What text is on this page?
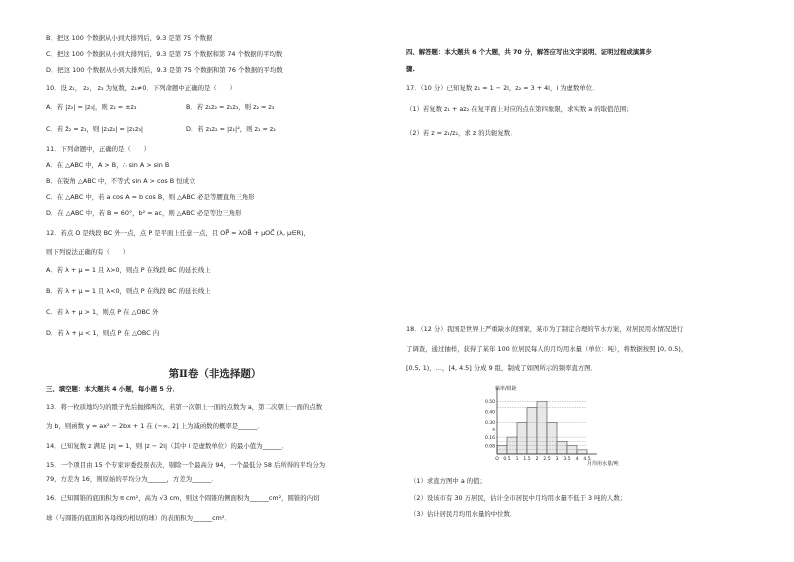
B．把这 100 个数据从小到大排列后，9.3 是第 75 个数据
C．把这 100 个数据从小到大排列后，9.3 是第 75 个数据和第 74 个数据的平均数
D．把这 100 个数据从小到大排列后，9.3 是第 75 个数据和第 76 个数据的平均数
10．设 z₁， z₂， z₃ 为复数，z₁≠0．下列命题中正确的是（　　）
A．若 |z₂| = |z₃|，则 z₂ = ±z₃	B．若 z₁z₂ = z₁z₃，则 z₂ = z₃
C．若 z̄₂ = z₃，则 |z₁z₂| = |z₁z₃|	D．若 z₁z₂ = |z₁|²，则 z₁ = z₂
11．下列命题中，正确的是（　　）
A．在 △ABC 中，A > B，∴ sin A > sin B
B．在锐角 △ABC 中，不等式 sin A > cos B 恒成立
C．在 △ABC 中，若 a cos A = b cos B，则 △ABC 必是等腰直角三角形
D．在 △ABC 中，若 B = 60°，b² = ac，则 △ABC 必是等边三角形
12．若点 O 是线段 BC 外一点，点 P 是平面上任意一点，且 OP⃗ = λOB⃗ + μOC⃗ (λ, μ∈R)，
则下列说法正确的有（　　）
A．若 λ + μ = 1 且 λ>0，则点 P 在线段 BC 的延长线上
B．若 λ + μ = 1 且 λ<0，则点 P 在线段 BC 的延长线上
C．若 λ + μ > 1，则点 P 在 △OBC 外
D．若 λ + μ < 1，则点 P 在 △OBC 内
第Ⅱ卷（非选择题）
三、填空题：本大题共 4 小题，每小题 5 分．
13．将一枚质地均匀的骰子先后抛掷两次，若第一次朝上一面的点数为 a，第二次朝上一面的点数
为 b，则函数 y = ax² − 2bx + 1 在 (−∞, 2] 上为减函数的概率是______．
14．已知复数 z 满足 |z| = 1，则 |z − 2i|（其中 i 是虚数单位）的最小值为______．
15．一个项目由 15 个专家评委投票表决，剔除一个最高分 94，一个最低分 58 后所得的平均分为
79，方差为 16，则原始的平均分为______，方差为______．
16．已知圆锥的底面积为 π cm²，高为 √3 cm，则这个圆锥的侧面积为______cm²，圆锥的内切
球（与圆锥的底面和各母线均相切的球）的表面积为______cm²．
四、解答题：本大题共 6 个大题，共 70 分，解答应写出文字说明、证明过程或演算步
骤.
17．（10 分）已知复数 z₁ = 1 − 2i，z₂ = 3 + 4i，i 为虚数单位．
（1）若复数 z₁ + az₂ 在复平面上对应的点在第四象限，求实数 a 的取值范围；
（2）若 z = z₁/z₂，求 z 的共轭复数．
18．（12 分）我国是世界上严重缺水的国家，某市为了制定合理的节水方案，对居民用水情况进行
了调查，通过抽样，获得了某年 100 位居民每人的月均用水量（单位：吨），将数据按照 [0, 0.5)，
[0.5, 1)，…，[4, 4.5] 分成 9 组，制成了如图所示的频率直方图．
频率/组距
月均用水量/吨
0.08
0.16
a
0.30
0.40
0.50
O 0.5 1 1.5 2 2.5 3 3.5 4 4.5
（1）求直方图中 a 的值；
（2）设该市有 30 万居民，估计全市居民中月均用水量不低于 3 吨的人数；
（3）估计居民月均用水量的中位数．
